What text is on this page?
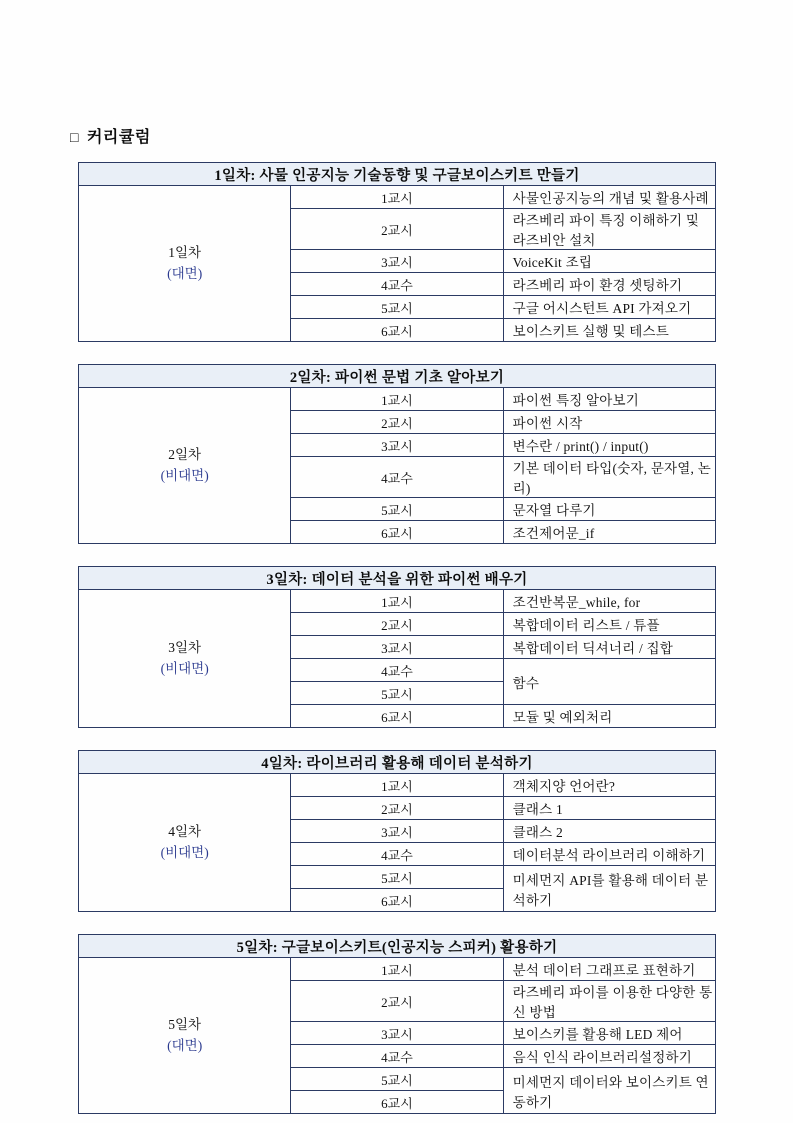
□ 커리큘럼
1일차: 사물 인공지능 기술동향 및 구글보이스키트 만들기		
1일차
(대면)	1교시	사물인공지능의 개념 및 활용사례
	2교시	라즈베리 파이 특징 이해하기 및 라즈비안 설치
	3교시	VoiceKit 조립
	4교수	라즈베리 파이 환경 셋팅하기
	5교시	구글 어시스턴트 API 가져오기
	6교시	보이스키트 실행 및 테스트

2일차: 파이썬 문법 기초 알아보기		
2일차
(비대면)	1교시	파이썬 특징 알아보기
	2교시	파이썬 시작
	3교시	변수란 / print() / input()
	4교수	기본 데이터 타입(숫자, 문자열, 논리)
	5교시	문자열 다루기
	6교시	조건제어문_if

3일차: 데이터 분석을 위한 파이썬 배우기		
3일차
(비대면)	1교시	조건반복문_while, for
	2교시	복합데이터 리스트 / 튜플
	3교시	복합데이터 딕셔너리 / 집합
	4교수	함수
	5교시	
	6교시	모듈 및 예외처리

4일차: 라이브러리 활용해 데이터 분석하기		
4일차
(비대면)	1교시	객체지양 언어란?
	2교시	클래스 1
	3교시	클래스 2
	4교수	데이터분석 라이브러리 이해하기
	5교시	미세먼지 API를 활용해 데이터 분석하기
	6교시	

5일차: 구글보이스키트(인공지능 스피커) 활용하기		
5일차
(대면)	1교시	분석 데이터 그래프로 표현하기
	2교시	라즈베리 파이를 이용한 다양한 통신 방법
	3교시	보이스키를 활용해 LED 제어
	4교수	음식 인식 라이브러리설정하기
	5교시	미세먼지 데이터와 보이스키트 연동하기
	6교시	
